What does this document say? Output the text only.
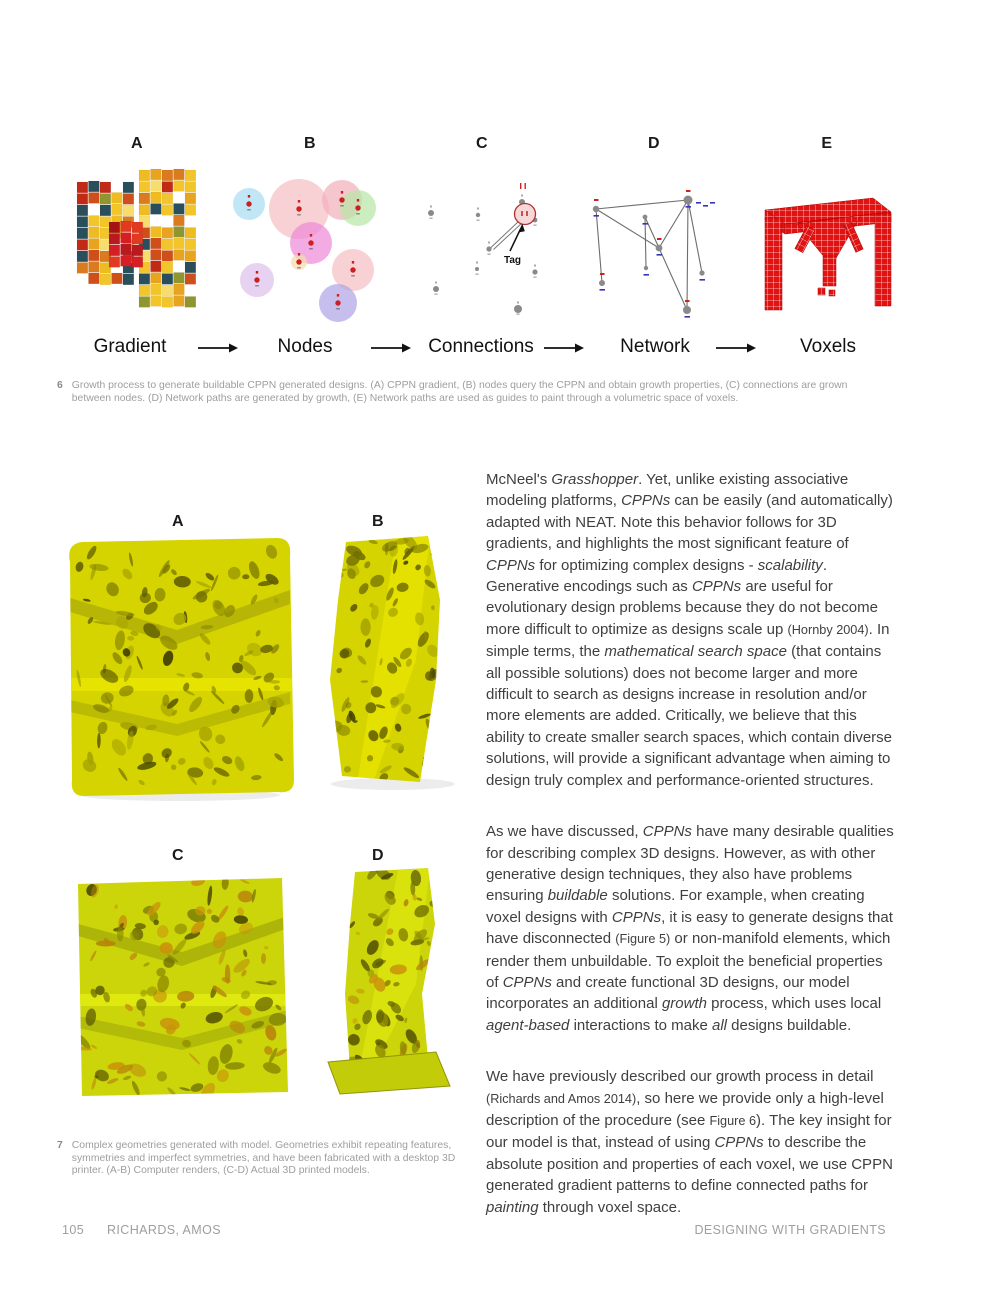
A	B	C	D	E
Tag
Gradient	Nodes	Connections	Network	Voxels
6 Growth process to generate buildable CPPN generated designs. (A) CPPN gradient, (B) nodes query the CPPN and obtain growth properties, (C) connections are grown between nodes. (D) Network paths are generated by growth, (E) Network paths are used as guides to paint through a volumetric space of voxels.
A	B
C	D
7 Complex geometries generated with model. Geometries exhibit repeating features, symmetries and imperfect symmetries, and have been fabricated with a desktop 3D printer. (A-B) Computer renders, (C-D) Actual 3D printed models.

McNeel's Grasshopper. Yet, unlike existing associative modeling platforms, CPPNs can be easily (and automatically) adapted with NEAT. Note this behavior follows for 3D gradients, and highlights the most significant feature of CPPNs for optimizing complex designs - scalability. Generative encodings such as CPPNs are useful for evolutionary design problems because they do not become more difficult to optimize as designs scale up (Hornby 2004). In simple terms, the mathematical search space (that contains all possible solutions) does not become larger and more difficult to search as designs increase in resolution and/or more elements are added. Critically, we believe that this ability to create smaller search spaces, which contain diverse solutions, will provide a significant advantage when aiming to design truly complex and performance-oriented structures.

As we have discussed, CPPNs have many desirable qualities for describing complex 3D designs. However, as with other generative design techniques, they also have problems ensuring buildable solutions. For example, when creating voxel designs with CPPNs, it is easy to generate designs that have disconnected (Figure 5) or non-manifold elements, which render them unbuildable. To exploit the beneficial properties of CPPNs and create functional 3D designs, our model incorporates an additional growth process, which uses local agent-based interactions to make all designs buildable.

We have previously described our growth process in detail (Richards and Amos 2014), so here we provide only a high-level description of the procedure (see Figure 6). The key insight for our model is that, instead of using CPPNs to describe the absolute position and properties of each voxel, we use CPPN generated gradient patterns to define connected paths for painting through voxel space.

105 RICHARDS, AMOS	DESIGNING WITH GRADIENTS
